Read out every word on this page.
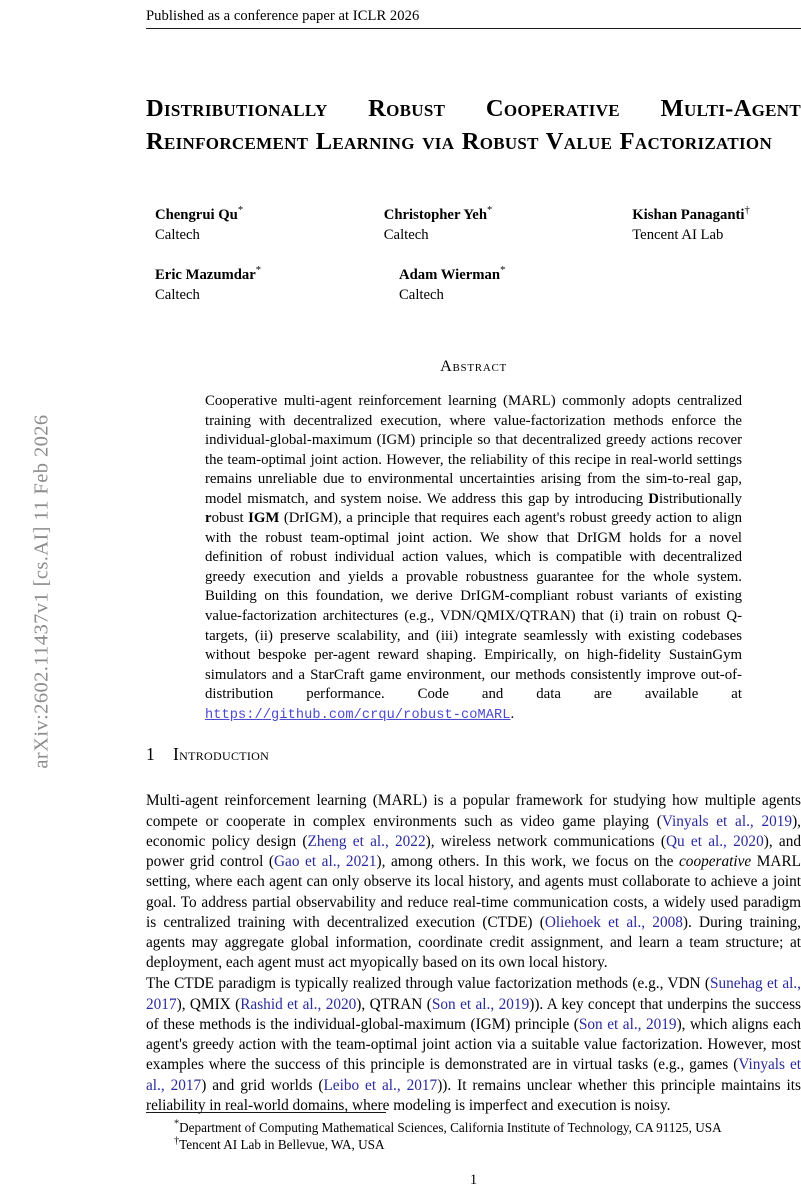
arXiv:2602.11437v1 [cs.AI] 11 Feb 2026
Published as a conference paper at ICLR 2026
Distributionally Robust Cooperative Multi-Agent Reinforcement Learning via Robust Value Factorization
Chengrui Qu*
Caltech
Christopher Yeh*
Caltech
Kishan Panaganti†
Tencent AI Lab
Eric Mazumdar*
Caltech
Adam Wierman*
Caltech
Abstract
Cooperative multi-agent reinforcement learning (MARL) commonly adopts centralized training with decentralized execution, where value-factorization methods enforce the individual-global-maximum (IGM) principle so that decentralized greedy actions recover the team-optimal joint action. However, the reliability of this recipe in real-world settings remains unreliable due to environmental uncertainties arising from the sim-to-real gap, model mismatch, and system noise. We address this gap by introducing Distributionally robust IGM (DrIGM), a principle that requires each agent's robust greedy action to align with the robust team-optimal joint action. We show that DrIGM holds for a novel definition of robust individual action values, which is compatible with decentralized greedy execution and yields a provable robustness guarantee for the whole system. Building on this foundation, we derive DrIGM-compliant robust variants of existing value-factorization architectures (e.g., VDN/QMIX/QTRAN) that (i) train on robust Q-targets, (ii) preserve scalability, and (iii) integrate seamlessly with existing codebases without bespoke per-agent reward shaping. Empirically, on high-fidelity SustainGym simulators and a StarCraft game environment, our methods consistently improve out-of-distribution performance. Code and data are available at https://github.com/crqu/robust-coMARL.
1 Introduction

Multi-agent reinforcement learning (MARL) is a popular framework for studying how multiple agents compete or cooperate in complex environments such as video game playing (Vinyals et al., 2019), economic policy design (Zheng et al., 2022), wireless network communications (Qu et al., 2020), and power grid control (Gao et al., 2021), among others. In this work, we focus on the cooperative MARL setting, where each agent can only observe its local history, and agents must collaborate to achieve a joint goal. To address partial observability and reduce real-time communication costs, a widely used paradigm is centralized training with decentralized execution (CTDE) (Oliehoek et al., 2008). During training, agents may aggregate global information, coordinate credit assignment, and learn a team structure; at deployment, each agent must act myopically based on its own local history.

The CTDE paradigm is typically realized through value factorization methods (e.g., VDN (Sunehag et al., 2017), QMIX (Rashid et al., 2020), QTRAN (Son et al., 2019)). A key concept that underpins the success of these methods is the individual-global-maximum (IGM) principle (Son et al., 2019), which aligns each agent's greedy action with the team-optimal joint action via a suitable value factorization. However, most examples where the success of this principle is demonstrated are in virtual tasks (e.g., games (Vinyals et al., 2017) and grid worlds (Leibo et al., 2017)). It remains unclear whether this principle maintains its reliability in real-world domains, where modeling is imperfect and execution is noisy.

*Department of Computing Mathematical Sciences, California Institute of Technology, CA 91125, USA
†Tencent AI Lab in Bellevue, WA, USA
1
